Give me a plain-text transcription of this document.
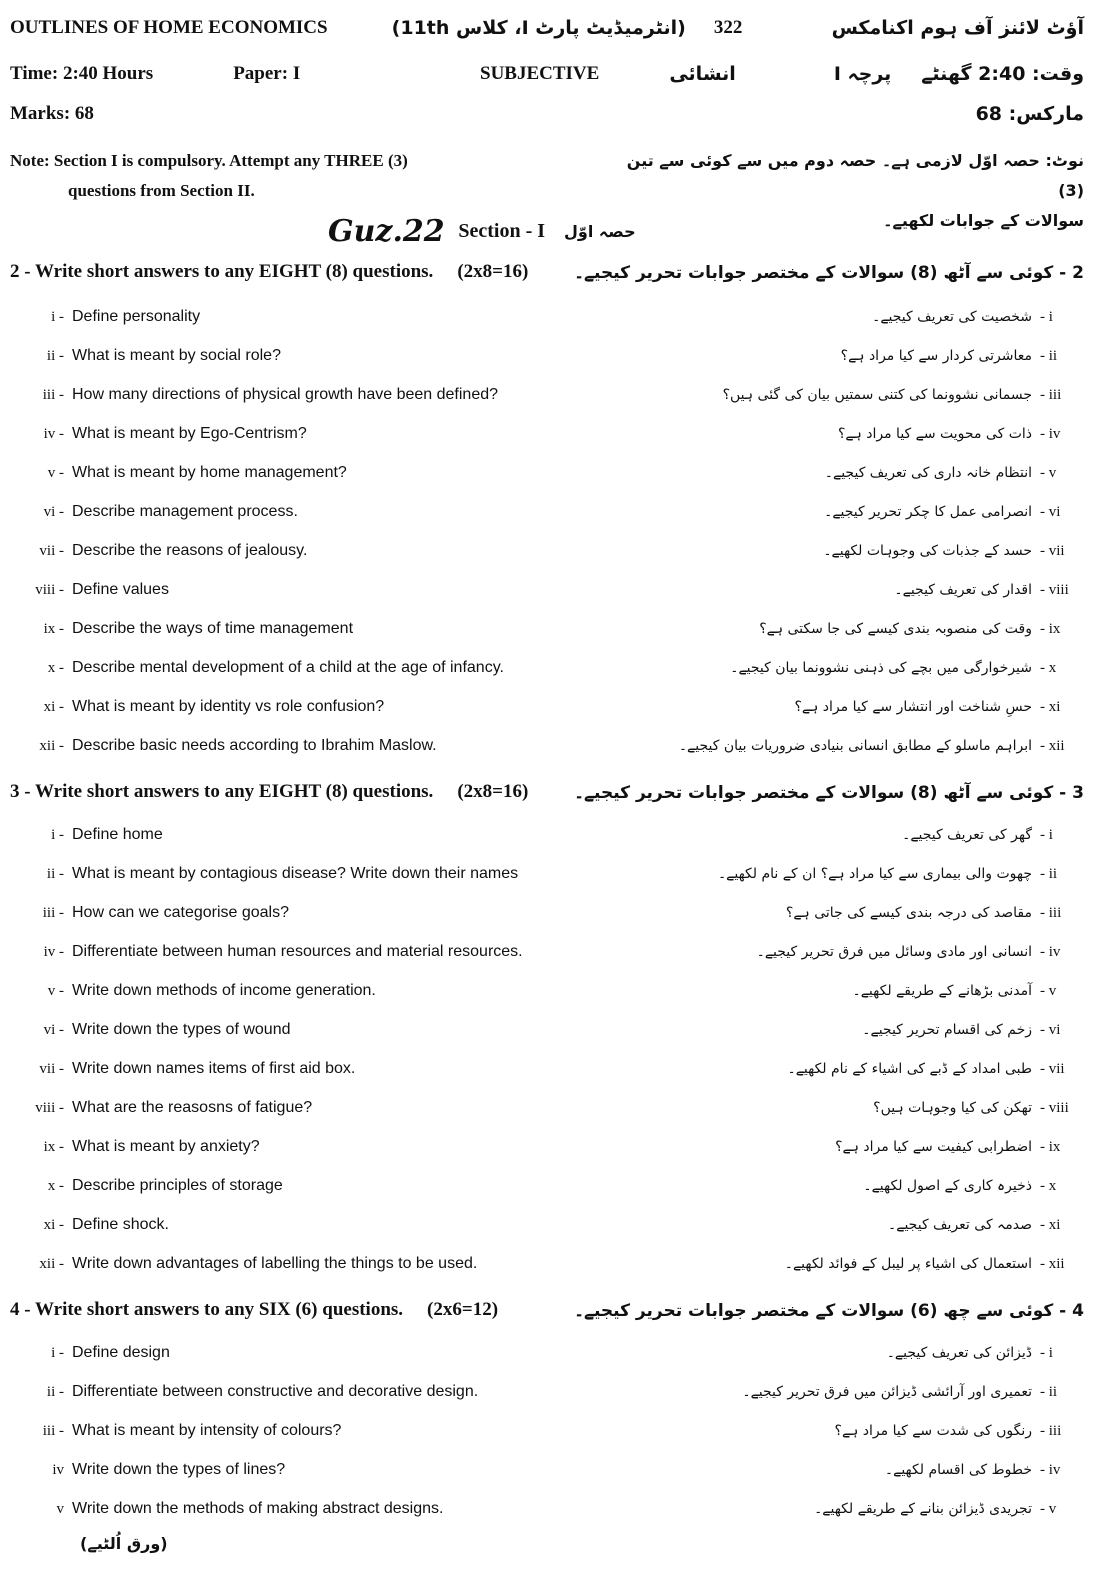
OUTLINES OF HOME ECONOMICS	(انٹرمیڈیٹ پارٹ I، کلاس 11th) 322	آؤٹ لائنز آف ہوم اکنامکس
Time: 2:40 Hours	Paper: I	SUBJECTIVE	انشائی	پرچہ I وقت: 2:40 گھنٹے
Marks: 68	مارکس: 68
Note: Section I is compulsory. Attempt any THREE (3)
questions from Section II.
نوٹ: حصہ اوّل لازمی ہے۔ حصہ دوم میں سے کوئی سے تین (3)
سوالات کے جوابات لکھیے۔
Guz.22 Section - I حصہ اوّل
2 - Write short answers to any EIGHT (8) questions. (2x8=16)	2 - کوئی سے آٹھ (8) سوالات کے مختصر جوابات تحریر کیجیے۔
i - Define personality	شخصیت کی تعریف کیجیے۔ - i
ii - What is meant by social role?	معاشرتی کردار سے کیا مراد ہے؟ - ii
iii - How many directions of physical growth have been defined?	جسمانی نشوونما کی کتنی سمتیں بیان کی گئی ہیں؟ - iii
iv - What is meant by Ego-Centrism?	ذات کی محویت سے کیا مراد ہے؟ - iv
v - What is meant by home management?	انتظام خانہ داری کی تعریف کیجیے۔ - v
vi - Describe management process.	انصرامی عمل کا چکر تحریر کیجیے۔ - vi
vii - Describe the reasons of jealousy.	حسد کے جذبات کی وجوہات لکھیے۔ - vii
viii - Define values	اقدار کی تعریف کیجیے۔ - viii
ix - Describe the ways of time management	وقت کی منصوبہ بندی کیسے کی جا سکتی ہے؟ - ix
x - Describe mental development of a child at the age of infancy.	شیرخوارگی میں بچے کی ذہنی نشوونما بیان کیجیے۔ - x
xi - What is meant by identity vs role confusion?	حسِ شناخت اور انتشار سے کیا مراد ہے؟ - xi
xii - Describe basic needs according to Ibrahim Maslow.	ابراہم ماسلو کے مطابق انسانی بنیادی ضروریات بیان کیجیے۔ - xii
3 - Write short answers to any EIGHT (8) questions. (2x8=16)	3 - کوئی سے آٹھ (8) سوالات کے مختصر جوابات تحریر کیجیے۔
i - Define home	گھر کی تعریف کیجیے۔ - i
ii - What is meant by contagious disease? Write down their names	چھوت والی بیماری سے کیا مراد ہے؟ ان کے نام لکھیے۔ - ii
iii - How can we categorise goals?	مقاصد کی درجہ بندی کیسے کی جاتی ہے؟ - iii
iv - Differentiate between human resources and material resources.	انسانی اور مادی وسائل میں فرق تحریر کیجیے۔ - iv
v - Write down methods of income generation.	آمدنی بڑھانے کے طریقے لکھیے۔ - v
vi - Write down the types of wound	زخم کی اقسام تحریر کیجیے۔ - vi
vii - Write down names items of first aid box.	طبی امداد کے ڈبے کی اشیاء کے نام لکھیے۔ - vii
viii - What are the reasosns of fatigue?	تھکن کی کیا وجوہات ہیں؟ - viii
ix - What is meant by anxiety?	اضطرابی کیفیت سے کیا مراد ہے؟ - ix
x - Describe principles of storage	ذخیرہ کاری کے اصول لکھیے۔ - x
xi - Define shock.	صدمہ کی تعریف کیجیے۔ - xi
xii - Write down advantages of labelling the things to be used.	استعمال کی اشیاء پر لیبل کے فوائد لکھیے۔ - xii
4 - Write short answers to any SIX (6) questions. (2x6=12)	4 - کوئی سے چھ (6) سوالات کے مختصر جوابات تحریر کیجیے۔
i - Define design	ڈیزائن کی تعریف کیجیے۔ - i
ii - Differentiate between constructive and decorative design.	تعمیری اور آرائشی ڈیزائن میں فرق تحریر کیجیے۔ - ii
iii - What is meant by intensity of colours?	رنگوں کی شدت سے کیا مراد ہے؟ - iii
iv Write down the types of lines?	خطوط کی اقسام لکھیے۔ - iv
v Write down the methods of making abstract designs.	تجریدی ڈیزائن بنانے کے طریقے لکھیے۔ - v
(ورق اُلٹیے)
